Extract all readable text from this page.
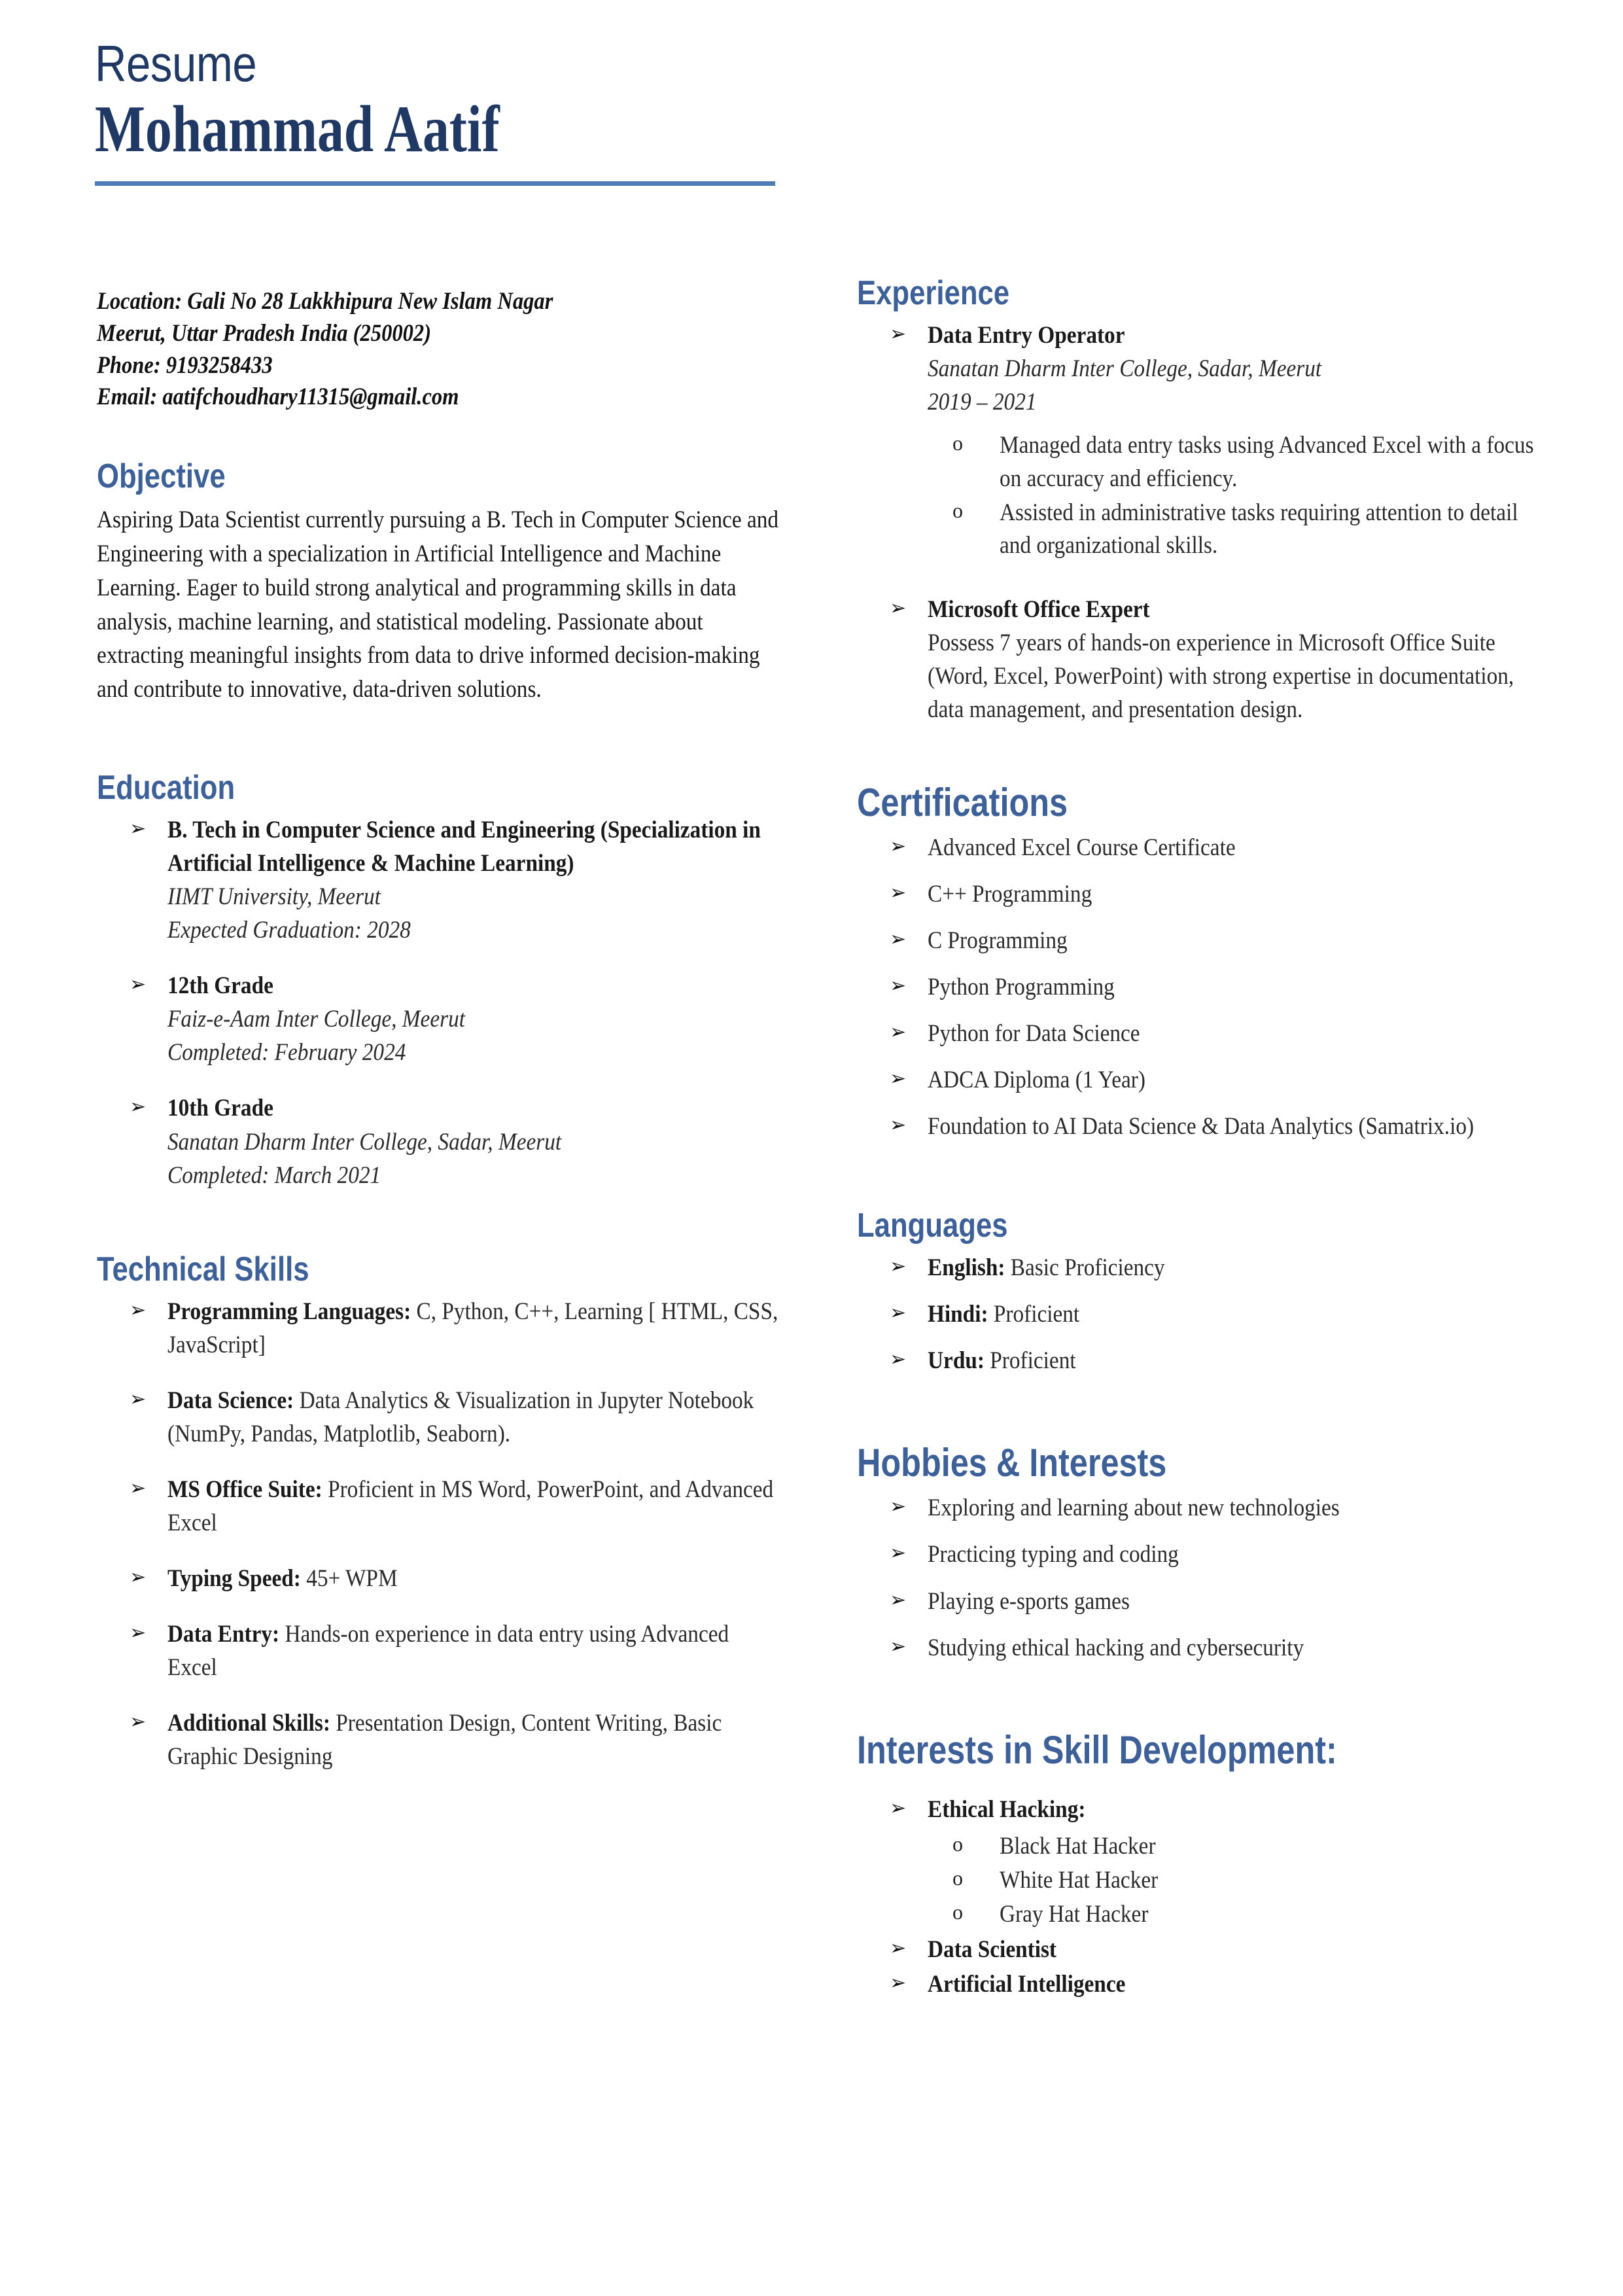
Resume
Mohammad Aatif
Location: Gali No 28 Lakkhipura New Islam Nagar
Meerut, Uttar Pradesh India (250002)
Phone: 9193258433
Email: aatifchoudhary11315@gmail.com
Objective
Aspiring Data Scientist currently pursuing a B. Tech in Computer Science and Engineering with a specialization in Artificial Intelligence and Machine Learning. Eager to build strong analytical and programming skills in data analysis, machine learning, and statistical modeling. Passionate about extracting meaningful insights from data to drive informed decision-making and contribute to innovative, data-driven solutions.
Education
➢ B. Tech in Computer Science and Engineering (Specialization in Artificial Intelligence & Machine Learning)
IIMT University, Meerut
Expected Graduation: 2028
➢ 12th Grade
Faiz-e-Aam Inter College, Meerut
Completed: February 2024
➢ 10th Grade
Sanatan Dharm Inter College, Sadar, Meerut
Completed: March 2021
Technical Skills
➢ Programming Languages: C, Python, C++, Learning [ HTML, CSS, JavaScript]
➢ Data Science: Data Analytics & Visualization in Jupyter Notebook (NumPy, Pandas, Matplotlib, Seaborn).
➢ MS Office Suite: Proficient in MS Word, PowerPoint, and Advanced Excel
➢ Typing Speed: 45+ WPM
➢ Data Entry: Hands-on experience in data entry using Advanced Excel
➢ Additional Skills: Presentation Design, Content Writing, Basic Graphic Designing
Experience
➢ Data Entry Operator
Sanatan Dharm Inter College, Sadar, Meerut
2019 – 2021
o Managed data entry tasks using Advanced Excel with a focus on accuracy and efficiency.
o Assisted in administrative tasks requiring attention to detail and organizational skills.
➢ Microsoft Office Expert
Possess 7 years of hands-on experience in Microsoft Office Suite (Word, Excel, PowerPoint) with strong expertise in documentation, data management, and presentation design.
Certifications
➢ Advanced Excel Course Certificate
➢ C++ Programming
➢ C Programming
➢ Python Programming
➢ Python for Data Science
➢ ADCA Diploma (1 Year)
➢ Foundation to AI Data Science & Data Analytics (Samatrix.io)
Languages
➢ English: Basic Proficiency
➢ Hindi: Proficient
➢ Urdu: Proficient
Hobbies & Interests
➢ Exploring and learning about new technologies
➢ Practicing typing and coding
➢ Playing e-sports games
➢ Studying ethical hacking and cybersecurity
Interests in Skill Development:
➢ Ethical Hacking:
o Black Hat Hacker
o White Hat Hacker
o Gray Hat Hacker
➢ Data Scientist
➢ Artificial Intelligence
